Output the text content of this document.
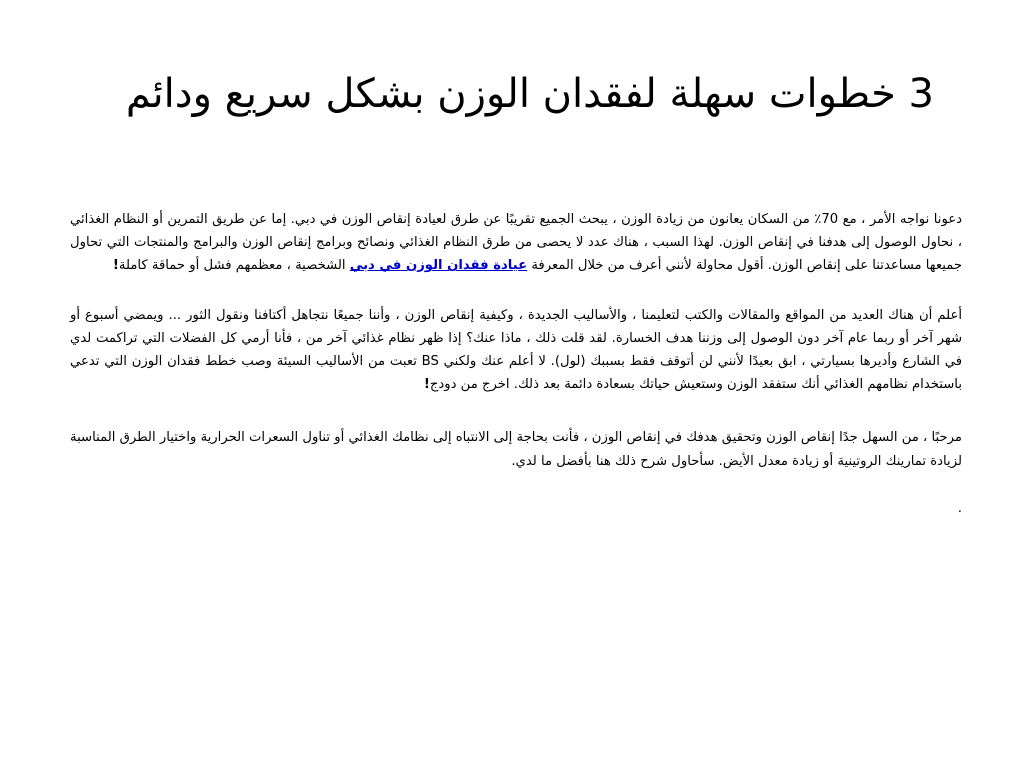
3 خطوات سهلة لفقدان الوزن بشكل سريع ودائم

دعونا نواجه الأمر ، مع 70٪ من السكان يعانون من زيادة الوزن ، يبحث الجميع تقريبًا عن طرق لعيادة إنقاص الوزن في دبي. إما عن طريق التمرين أو النظام الغذائي ، نحاول الوصول إلى هدفنا في إنقاص الوزن. لهذا السبب ، هناك عدد لا يحصى من طرق النظام الغذائي ونصائح وبرامج إنقاص الوزن والبرامج والمنتجات التي تحاول جميعها مساعدتنا على إنقاص الوزن. أقول محاولة لأنني أعرف من خلال المعرفة عيادة فقدان الوزن في دبي الشخصية ، معظمهم فشل أو حماقة كاملة!

أعلم أن هناك العديد من المواقع والمقالات والكتب لتعليمنا ، والأساليب الجديدة ، وكيفية إنقاص الوزن ، وأننا جميعًا نتجاهل أكتافنا ونقول الثور ... ويمضي أسبوع أو شهر آخر أو ربما عام آخر دون الوصول إلى وزننا هدف الخسارة. لقد قلت ذلك ، ماذا عنك؟ إذا ظهر نظام غذائي آخر من ، فأنا أرمي كل الفضلات التي تراكمت لدي في الشارع وأديرها بسيارتي ، ابق بعيدًا لأنني لن أتوقف فقط بسببك (لول). لا أعلم عنك ولكني BS تعبت من الأساليب السيئة وصب خطط فقدان الوزن التي تدعي باستخدام نظامهم الغذائي أنك ستفقد الوزن وستعيش حياتك بسعادة دائمة بعد ذلك. اخرج من دودج!

مرحبًا ، من السهل جدًا إنقاص الوزن وتحقيق هدفك في إنقاص الوزن ، فأنت بحاجة إلى الانتباه إلى نظامك الغذائي أو تناول السعرات الحرارية واختيار الطرق المناسبة لزيادة تمارينك الروتينية أو زيادة معدل الأيض. سأحاول شرح ذلك هنا بأفضل ما لدي.

.
